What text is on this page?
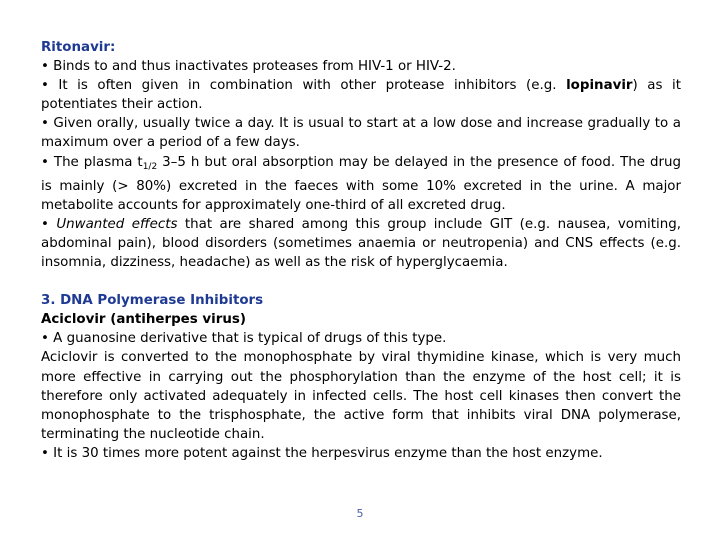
Ritonavir:

• Binds to and thus inactivates proteases from HIV-1 or HIV-2.

• It is often given in combination with other protease inhibitors (e.g. lopinavir) as it potentiates their action.

• Given orally, usually twice a day. It is usual to start at a low dose and increase gradually to a maximum over a period of a few days.

• The plasma $t_{1/2}$ 3–5 h but oral absorption may be delayed in the presence of food. The drug is mainly (> 80%) excreted in the faeces with some 10% excreted in the urine. A major metabolite accounts for approximately one-third of all excreted drug.

• Unwanted effects that are shared among this group include GIT (e.g. nausea, vomiting, abdominal pain), blood disorders (sometimes anaemia or neutropenia) and CNS effects (e.g. insomnia, dizziness, headache) as well as the risk of hyperglycaemia.

3. DNA Polymerase Inhibitors
Aciclovir (antiherpes virus)

• A guanosine derivative that is typical of drugs of this type.

Aciclovir is converted to the monophosphate by viral thymidine kinase, which is very much more effective in carrying out the phosphorylation than the enzyme of the host cell; it is therefore only activated adequately in infected cells. The host cell kinases then convert the monophosphate to the trisphosphate, the active form that inhibits viral DNA polymerase, terminating the nucleotide chain.

• It is 30 times more potent against the herpesvirus enzyme than the host enzyme.

5
